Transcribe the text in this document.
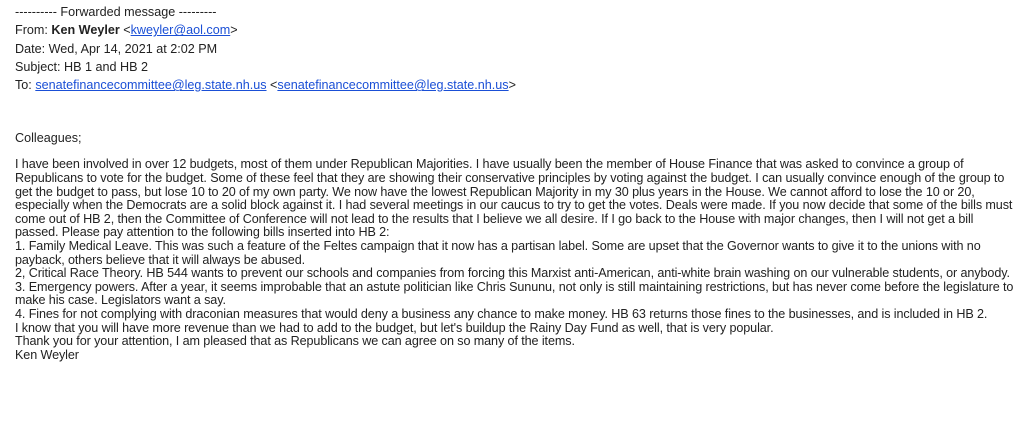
---------- Forwarded message ---------
From: Ken Weyler <kweyler@aol.com>
Date: Wed, Apr 14, 2021 at 2:02 PM
Subject: HB 1 and HB 2
To: senatefinancecommittee@leg.state.nh.us <senatefinancecommittee@leg.state.nh.us>
Colleagues;

I have been involved in over 12 budgets, most of them under Republican Majorities. I have usually been the member of House Finance that was asked to convince a group of Republicans to vote for the budget. Some of these feel that they are showing their conservative principles by voting against the budget. I can usually convince enough of the group to get the budget to pass, but lose 10 to 20 of my own party. We now have the lowest Republican Majority in my 30 plus years in the House. We cannot afford to lose the 10 or 20, especially when the Democrats are a solid block against it. I had several meetings in our caucus to try to get the votes. Deals were made. If you now decide that some of the bills must come out of HB 2, then the Committee of Conference will not lead to the results that I believe we all desire. If I go back to the House with major changes, then I will not get a bill passed. Please pay attention to the following bills inserted into HB 2:

1. Family Medical Leave. This was such a feature of the Feltes campaign that it now has a partisan label. Some are upset that the Governor wants to give it to the unions with no payback, others believe that it will always be abused.

2, Critical Race Theory. HB 544 wants to prevent our schools and companies from forcing this Marxist anti-American, anti-white brain washing on our vulnerable students, or anybody.

3. Emergency powers. After a year, it seems improbable that an astute politician like Chris Sununu, not only is still maintaining restrictions, but has never come before the legislature to make his case. Legislators want a say.

4. Fines for not complying with draconian measures that would deny a business any chance to make money. HB 63 returns those fines to the businesses, and is included in HB 2.

I know that you will have more revenue than we had to add to the budget, but let's buildup the Rainy Day Fund as well, that is very popular.

Thank you for your attention, I am pleased that as Republicans we can agree on so many of the items.

Ken Weyler
